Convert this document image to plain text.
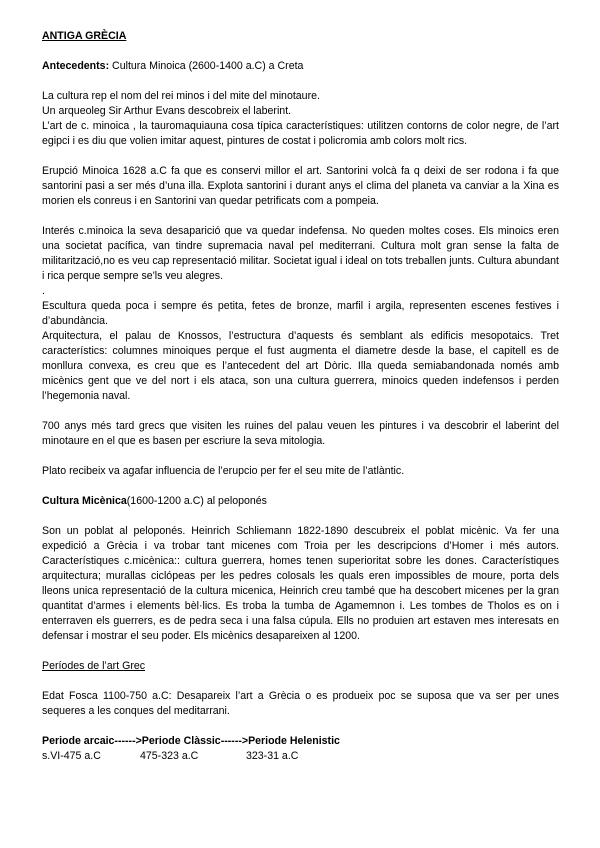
ANTIGA GRÈCIA

Antecedents: Cultura Minoica (2600-1400 a.C) a Creta

La cultura rep el nom del rei minos i del mite del minotaure.

Un arqueoleg Sir Arthur Evans descobreix el laberint.

L’art de c. minoica , la tauromaquiauna cosa típica característiques: utilitzen contorns de color negre, de l’art egipci i es diu que volien imitar aquest, pintures de costat i policromia amb colors molt rics.

Erupció Minoica 1628 a.C fa que es conservi millor el art. Santorini volcà fa q deixi de ser rodona i fa que santorini pasi a ser més d’una illa. Explota santorini i durant anys el clima del planeta va canviar a la Xina es morien els conreus i en Santorini van quedar petrificats com a pompeia.

Interés c.minoica la seva desaparició que va quedar indefensa. No queden moltes coses. Els minoics eren una societat pacífica, van tindre supremacia naval pel mediterrani. Cultura molt gran sense la falta de militarització,no es veu cap representació militar. Societat igual i ideal on tots treballen junts. Cultura abundant i rica perque sempre se'ls veu alegres.

.

Escultura queda poca i sempre és petita, fetes de bronze, marfil i argila, representen escenes festives i d’abundància.

Arquitectura, el palau de Knossos, l’estructura d’aquests és semblant als edificis mesopotaics. Tret característics: columnes minoiques perque el fust augmenta el diametre desde la base, el capitell es de monllura convexa, es creu que es l’antecedent del art Dòric. Illa queda semiabandonada només amb micènics gent que ve del nort i els ataca, son una cultura guerrera, minoics queden indefensos i perden l’hegemonia naval.

700 anys més tard grecs que visiten les ruines del palau veuen les pintures i va descobrir el laberint del minotaure en el que es basen per escriure la seva mitologia.

Plato recibeix va agafar influencia de l’erupcio per fer el seu mite de l’atlàntic.

Cultura Micènica(1600-1200 a.C) al peloponés

Son un poblat al peloponés. Heinrich Schliemann 1822-1890 descubreix el poblat micènic. Va fer una expedició a Grècia i va trobar tant micenes com Troia per les descripcions d’Homer i més autors. Característiques c.micènica:: cultura guerrera, homes tenen superioritat sobre les dones. Característiques arquitectura; murallas ciclópeas per les pedres colosals les quals eren impossibles de moure, porta dels lleons unica representació de la cultura micenica, Heinrich creu també que ha descobert micenes per la gran quantitat d’armes i elements bèl·lics. Es troba la tumba de Agamemnon i. Les tombes de Tholos es on i enterraven els guerrers, es de pedra seca i una falsa cúpula. Ells no produien art estaven mes interesats en defensar i mostrar el seu poder. Els micènics desapareixen al 1200.

Períodes de l’art Grec

Edat Fosca 1100-750 a.C: Desapareix l’art a Grècia o es produeix poc se suposa que va ser per unes sequeres a les conques del meditarrani.

Periode arcaic------> Periode Clàssic------> Periode Helenistic
s.VI-475 a.C	475-323 a.C	323-31 a.C
